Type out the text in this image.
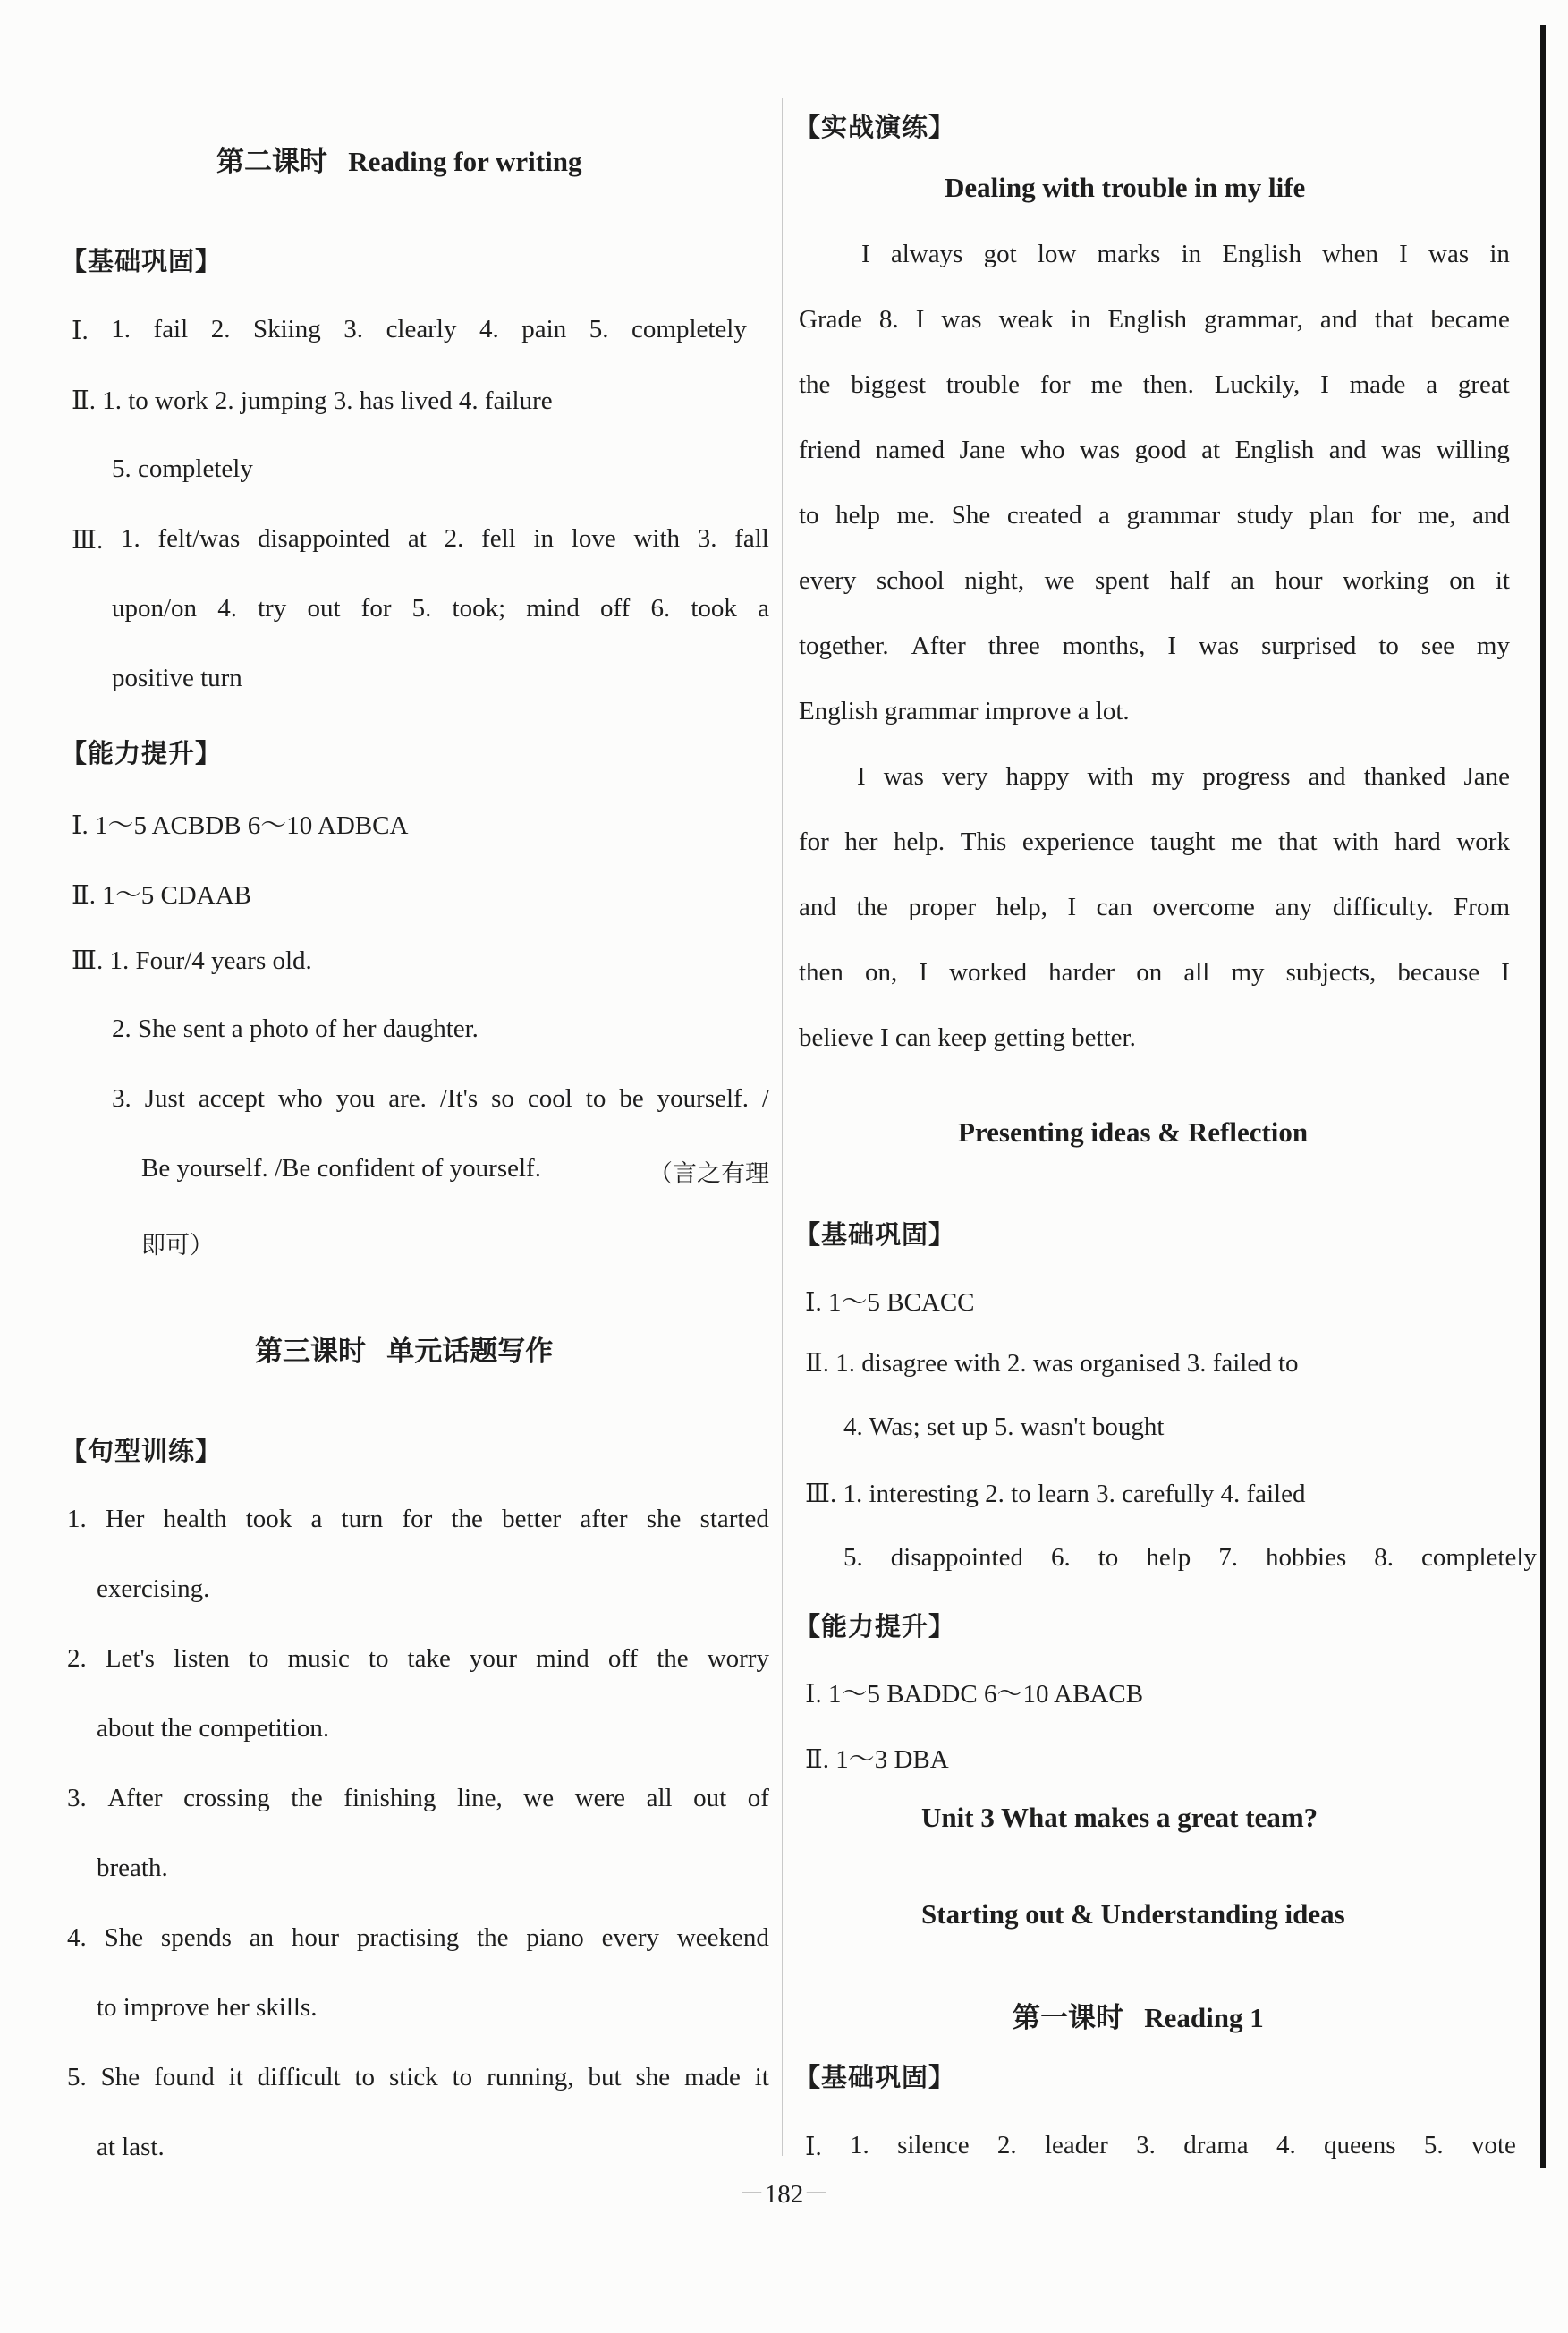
第二课时 Reading for writing
【基础巩固】
Ⅰ. 1. fail 2. Skiing 3. clearly 4. pain 5. completely
Ⅱ. 1. to work 2. jumping 3. has lived 4. failure
5. completely
Ⅲ. 1. felt/was disappointed at 2. fell in love with 3. fall
upon/on 4. try out for 5. took; mind off 6. took a
positive turn
【能力提升】
Ⅰ. 1～5 ACBDB 6～10 ADBCA
Ⅱ. 1～5 CDAAB
Ⅲ. 1. Four/4 years old.
2. She sent a photo of her daughter.
3. Just accept who you are. /It's so cool to be yourself. /
Be yourself. /Be confident of yourself.	（言之有理
即可）
第三课时 单元话题写作
【句型训练】
1. Her health took a turn for the better after she started
exercising.
2. Let's listen to music to take your mind off the worry
about the competition.
3. After crossing the finishing line, we were all out of
breath.
4. She spends an hour practising the piano every weekend
to improve her skills.
5. She found it difficult to stick to running, but she made it
at last.
【实战演练】
Dealing with trouble in my life
I always got low marks in English when I was in
Grade 8. I was weak in English grammar, and that became
the biggest trouble for me then. Luckily, I made a great
friend named Jane who was good at English and was willing
to help me. She created a grammar study plan for me, and
every school night, we spent half an hour working on it
together. After three months, I was surprised to see my
English grammar improve a lot.
I was very happy with my progress and thanked Jane
for her help. This experience taught me that with hard work
and the proper help, I can overcome any difficulty. From
then on, I worked harder on all my subjects, because I
believe I can keep getting better.
Presenting ideas & Reflection
【基础巩固】
Ⅰ. 1～5 BCACC
Ⅱ. 1. disagree with 2. was organised 3. failed to
4. Was; set up 5. wasn't bought
Ⅲ. 1. interesting 2. to learn 3. carefully 4. failed
5. disappointed 6. to help 7. hobbies 8. completely
【能力提升】
Ⅰ. 1～5 BADDC 6～10 ABACB
Ⅱ. 1～3 DBA
Unit 3 What makes a great team?
Starting out & Understanding ideas
第一课时 Reading 1
【基础巩固】
Ⅰ. 1. silence 2. leader 3. drama 4. queens 5. vote
－182－
